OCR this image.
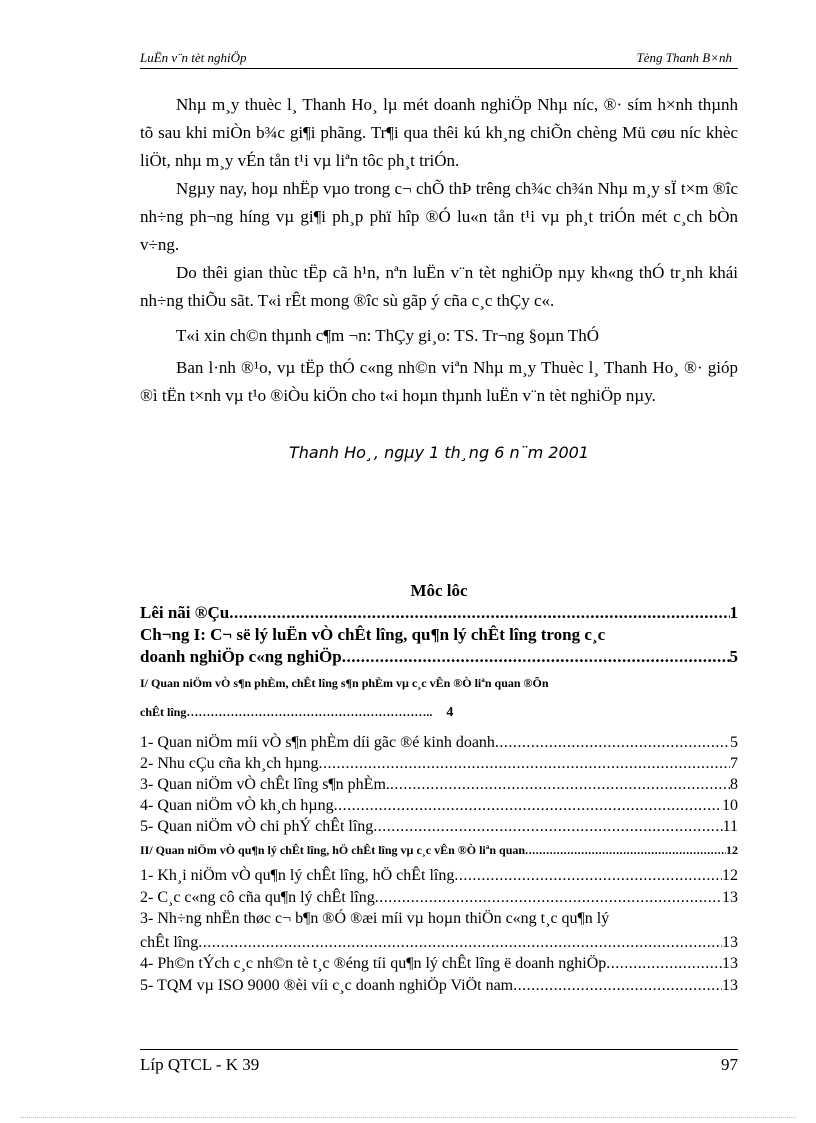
LuËn v¨n tèt nghiÖp	Tèng Thanh B×nh

Nhµ m¸y thuèc l¸ Thanh Ho¸ lµ mét doanh nghiÖp Nhµ níc, ®· sím h×nh thµnh tõ sau khi miÒn b¾c gi¶i phãng. Tr¶i qua thêi kú kh¸ng chiÕn chèng Mü cøu níc khèc liÖt, nhµ m¸y vÉn tån t¹i vµ liªn tôc ph¸t triÓn.

Ngµy nay, hoµ nhËp vµo trong c¬ chÕ thÞ trêng ch¾c ch¾n Nhµ m¸y sÏ t×m ®îc nh÷ng ph¬ng híng vµ gi¶i ph¸p phï hîp ®Ó lu«n tån t¹i vµ ph¸t triÓn mét c¸ch bÒn v÷ng.

Do thêi gian thùc tËp cã h¹n, nªn luËn v¨n tèt nghiÖp nµy kh«ng thÓ tr¸nh khái nh÷ng thiÕu sãt. T«i rÊt mong ®îc sù gãp ý cña c¸c thÇy c«.

T«i xin ch©n thµnh c¶m ¬n: ThÇy gi¸o: TS. Tr¬ng §oµn ThÓ

Ban l·nh ®¹o, vµ tËp thÓ c«ng nh©n viªn Nhµ m¸y Thuèc l¸ Thanh Ho¸ ®· gióp ®ì tËn t×nh vµ t¹o ®iÒu kiÖn cho t«i hoµn thµnh luËn v¨n tèt nghiÖp nµy.

Thanh Ho¸, ngµy 1 th¸ng 6 n¨m 2001
Môc lôc
Lêi nãi ®Çu .....	1
Ch¬ng I: C¬ së lý luËn vÒ chÊt lîng, qu¶n lý chÊt lîng trong c¸c
doanh nghiÖp c«ng nghiÖp .....	5
I/ Quan niÖm vÒ s¶n phÈm, chÊt lîng s¶n phÈm vµ c¸c vÊn ®Ò liªn quan ®Õn
chÊt lîng…………………………………………………….. 4
1- Quan niÖm míi vÒ s¶n phÈm díi gãc ®é kinh doanh .....	5
2- Nhu cÇu cña kh¸ch hµng .....	7
3- Quan niÖm vÒ chÊt lîng s¶n phÈm. .....	8
4- Quan niÖm vÒ kh¸ch hµng .....	10
5- Quan niÖm vÒ chi phÝ chÊt lîng .....	11
II/ Quan niÖm vÒ qu¶n lý chÊt lîng, hÖ chÊt lîng vµ c¸c vÊn ®Ò liªn quan .....	12
1- Kh¸i niÖm vÒ qu¶n lý chÊt lîng, hÖ chÊt lîng .....	12
2- C¸c c«ng cô cña qu¶n lý chÊt lîng .....	13
3- Nh÷ng nhËn thøc c¬ b¶n ®Ó ®æi míi vµ hoµn thiÖn c«ng t¸c qu¶n lý
chÊt lîng .....	13
4- Ph©n tÝch c¸c nh©n tè t¸c ®éng tíi qu¶n lý chÊt lîng ë doanh nghiÖp .....	13
5- TQM vµ ISO 9000 ®èi víi c¸c doanh nghiÖp ViÖt nam .....	13
Líp QTCL - K 39	97
